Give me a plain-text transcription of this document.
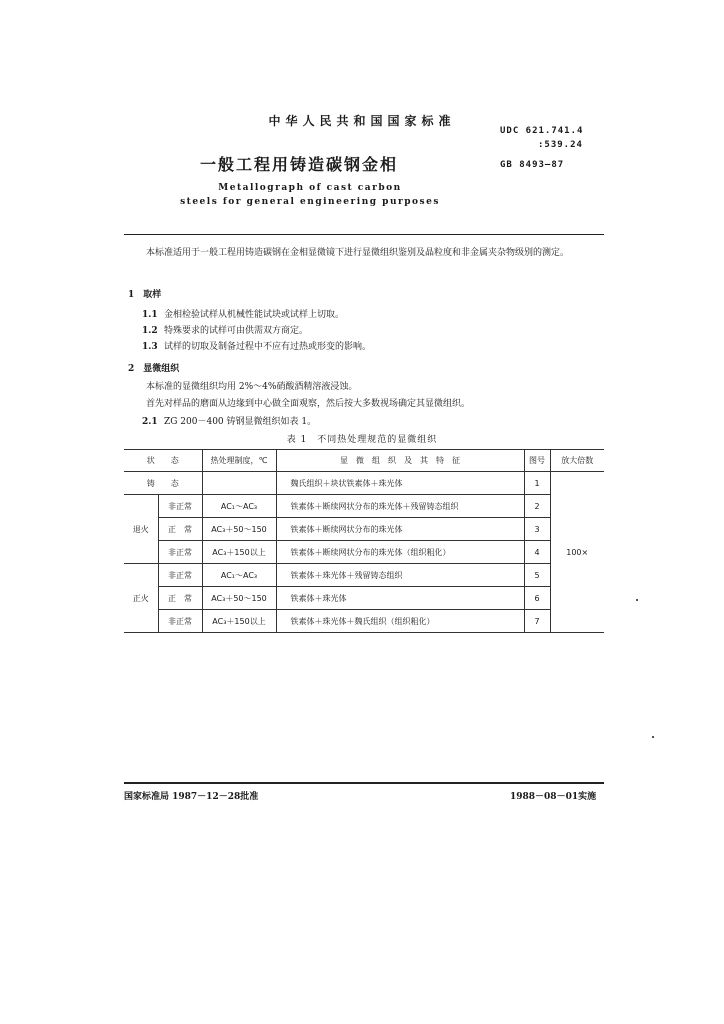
中华人民共和国国家标准
UDC 621.741.4
:539.24
一般工程用铸造碳钢金相	GB 8493—87
Metallograph of cast carbon
steels for general engineering purposes
本标准适用于一般工程用铸造碳钢在金相显微镜下进行显微组织鉴别及晶粒度和非金属夹杂物级别的测定。
1　取样
1.1 金相检验试样从机械性能试块或试样上切取。
1.2 特殊要求的试样可由供需双方商定。
1.3 试样的切取及制备过程中不应有过热或形变的影响。
2　显微组织
本标准的显微组织均用 2%～4%硝酸酒精溶液浸蚀。
首先对样品的磨面从边缘到中心做全面观察，然后按大多数视场确定其显微组织。
2.1 ZG 200－400 铸钢显微组织如表 1。
表 1　不同热处理规范的显微组织
状　　态		热处理制度，℃	显　微　组　织　及　其　特　征	图号	放大倍数
铸　　态			魏氏组织＋块状铁素体＋珠光体	1	100×
退火	非正常	AC₁～AC₃	铁素体＋断续网状分布的珠光体＋残留铸态组织	2	
	正　常	AC₃＋50～150	铁素体＋断续网状分布的珠光体	3	
	非正常	AC₃＋150以上	铁素体＋断续网状分布的珠光体（组织粗化）	4	
正火	非正常	AC₁～AC₃	铁素体＋珠光体＋残留铸态组织	5	
	正　常	AC₃＋50～150	铁素体＋珠光体	6	
	非正常	AC₃＋150以上	铁素体＋珠光体＋魏氏组织（组织粗化）	7	
国家标准局 1987－12－28批准	1988－08－01实施
